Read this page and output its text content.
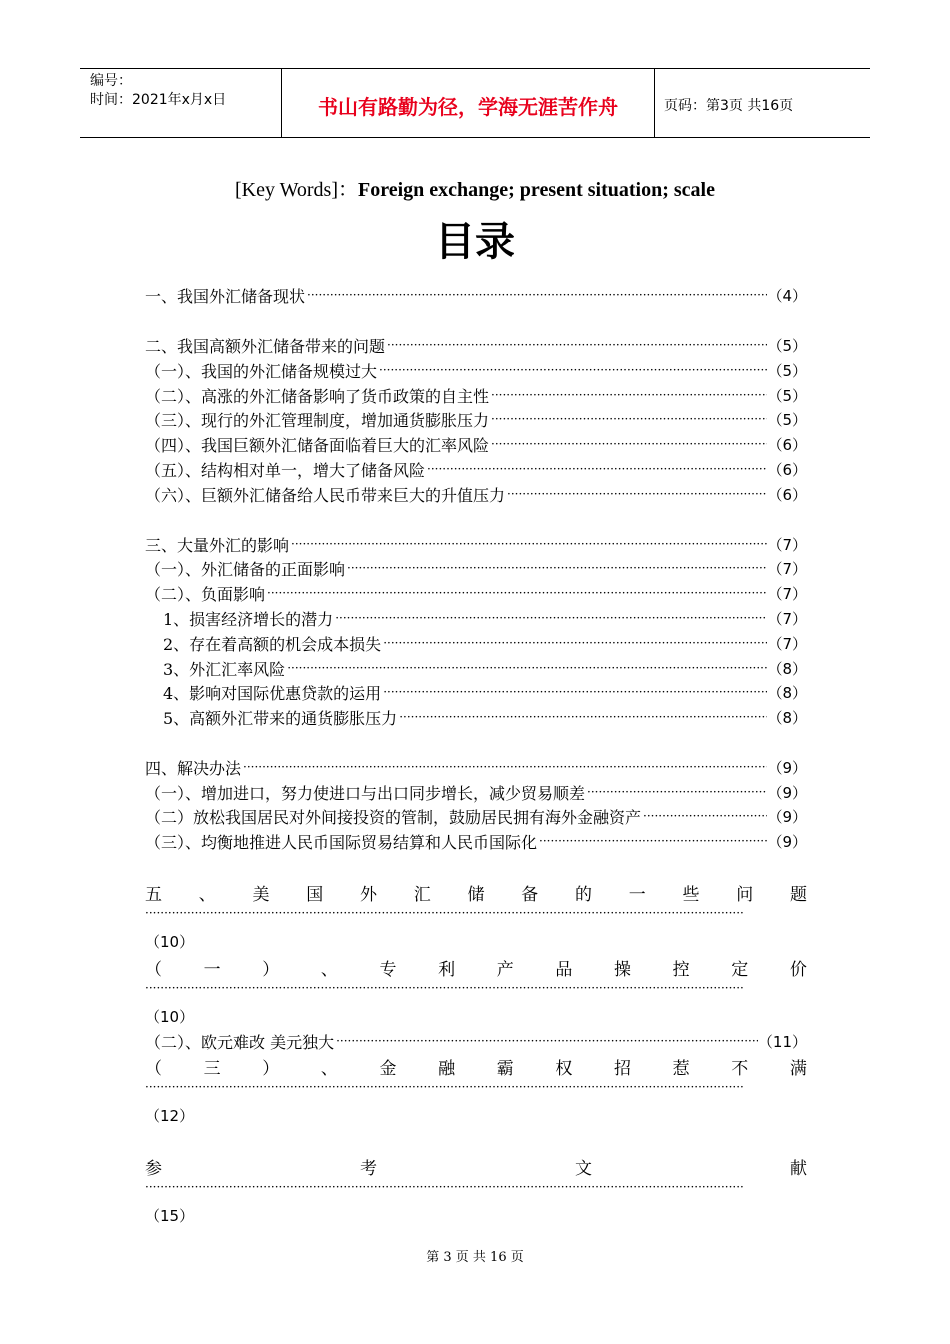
编号：
时间：2021年x月x日	书山有路勤为径，学海无涯苦作舟	页码：第3页 共16页
[Key Words]：Foreign exchange; present situation; scale
目录
一、我国外汇储备现状 ·····	（4）
二、我国高额外汇储备带来的问题 ·····	（5）
（一）、我国的外汇储备规模过大 ·····	（5）
（二）、高涨的外汇储备影响了货币政策的自主性 ·····	（5）
（三）、现行的外汇管理制度，增加通货膨胀压力 ·····	（5）
（四）、我国巨额外汇储备面临着巨大的汇率风险 ·····	（6）
（五）、结构相对单一，增大了储备风险 ·····	（6）
（六）、巨额外汇储备给人民币带来巨大的升值压力 ·····	（6）
三、大量外汇的影响 ·····	（7）
（一）、外汇储备的正面影响 ·····	（7）
（二）、负面影响 ·····	（7）
1、损害经济增长的潜力 ·····	（7）
2、存在着高额的机会成本损失 ·····	（7）
3、外汇汇率风险 ·····	（8）
4、影响对国际优惠贷款的运用 ·····	（8）
5、高额外汇带来的通货膨胀压力 ·····	（8）
四、解决办法 ·····	（9）
（一）、增加进口，努力使进口与出口同步增长，减少贸易顺差 ·····	（9）
（二）放松我国居民对外间接投资的管制，鼓励居民拥有海外金融资产 ·····	（9）
（三）、均衡地推进人民币国际贸易结算和人民币国际化 ·····	（9）
五 、 美 国 外 汇 储 备 的 一 些 问 题
·····
（10）
（ 一 ） 、 专 利 产 品 操 控 定 价
·····
（10）
（二）、欧元难改 美元独大 ·····	（11）
（ 三 ） 、 金 融 霸 权 招 惹 不 满
·····
（12）
参	考	文	献
·····
（15）
第 3 页 共 16 页
